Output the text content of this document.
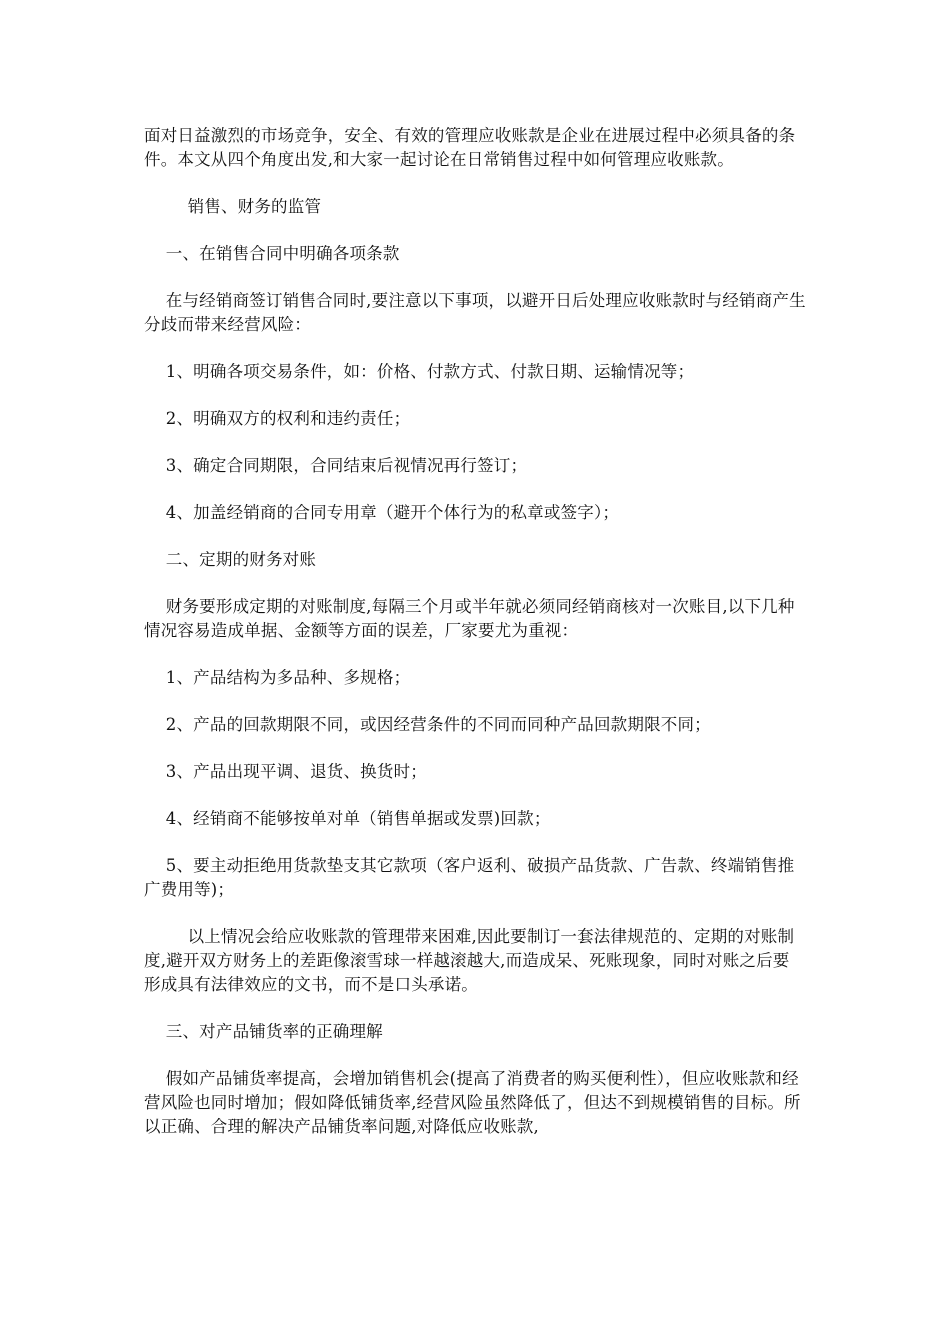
面对日益激烈的市场竞争，安全、有效的管理应收账款是企业在进展过程中必须具备的条件。本文从四个角度出发,和大家一起讨论在日常销售过程中如何管理应收账款。

销售、财务的监管

一、在销售合同中明确各项条款

在与经销商签订销售合同时,要注意以下事项，以避开日后处理应收账款时与经销商产生分歧而带来经营风险：

1、明确各项交易条件，如：价格、付款方式、付款日期、运输情况等；

2、明确双方的权利和违约责任；

3、确定合同期限，合同结束后视情况再行签订；

4、加盖经销商的合同专用章（避开个体行为的私章或签字）；

二、定期的财务对账

财务要形成定期的对账制度,每隔三个月或半年就必须同经销商核对一次账目,以下几种情况容易造成单据、金额等方面的误差，厂家要尤为重视：

1、产品结构为多品种、多规格；

2、产品的回款期限不同，或因经营条件的不同而同种产品回款期限不同；

3、产品出现平调、退货、换货时；

4、经销商不能够按单对单（销售单据或发票)回款；

5、要主动拒绝用货款垫支其它款项（客户返利、破损产品货款、广告款、终端销售推广费用等)；

以上情况会给应收账款的管理带来困难,因此要制订一套法律规范的、定期的对账制度,避开双方财务上的差距像滚雪球一样越滚越大,而造成呆、死账现象，同时对账之后要形成具有法律效应的文书，而不是口头承诺。

三、对产品铺货率的正确理解

假如产品铺货率提高，会增加销售机会(提高了消费者的购买便利性），但应收账款和经营风险也同时增加；假如降低铺货率,经营风险虽然降低了，但达不到规模销售的目标。所以正确、合理的解决产品铺货率问题,对降低应收账款,
